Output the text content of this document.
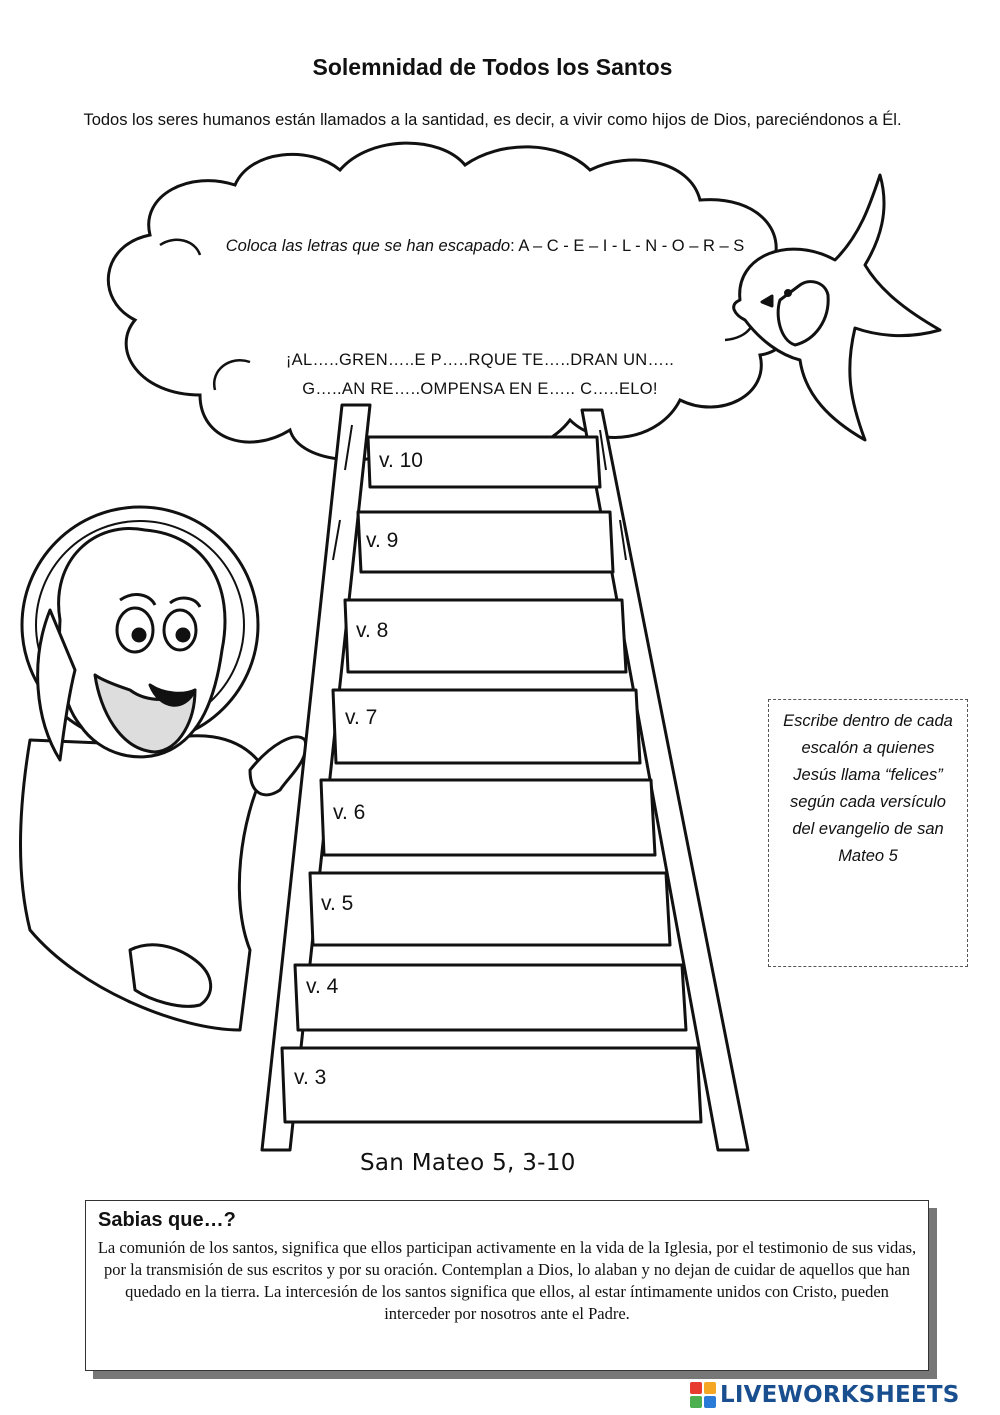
Solemnidad de Todos los Santos
Todos los seres humanos están llamados a la santidad, es decir, a vivir como hijos de Dios, pareciéndonos a Él.
Coloca las letras que se han escapado: A – C - E – I - L - N - O – R – S
¡AL…..GREN…..E P…..RQUE TE…..DRAN UN…..
G…..AN RE…..OMPENSA EN E….. C…..ELO!
v. 10
v. 9
v. 8
v. 7
v. 6
v. 5
v. 4
v. 3
Escribe dentro de cada escalón a quienes Jesús llama “felices” según cada versículo del evangelio de san Mateo 5
San Mateo 5, 3-10
Sabias que…?
La comunión de los santos, significa que ellos participan activamente en la vida de la Iglesia, por el testimonio de sus vidas, por la transmisión de sus escritos y por su oración. Contemplan a Dios, lo alaban y no dejan de cuidar de aquellos que han quedado en la tierra. La intercesión de los santos significa que ellos, al estar íntimamente unidos con Cristo, pueden interceder por nosotros ante el Padre.
LIVEWORKSHEETS
